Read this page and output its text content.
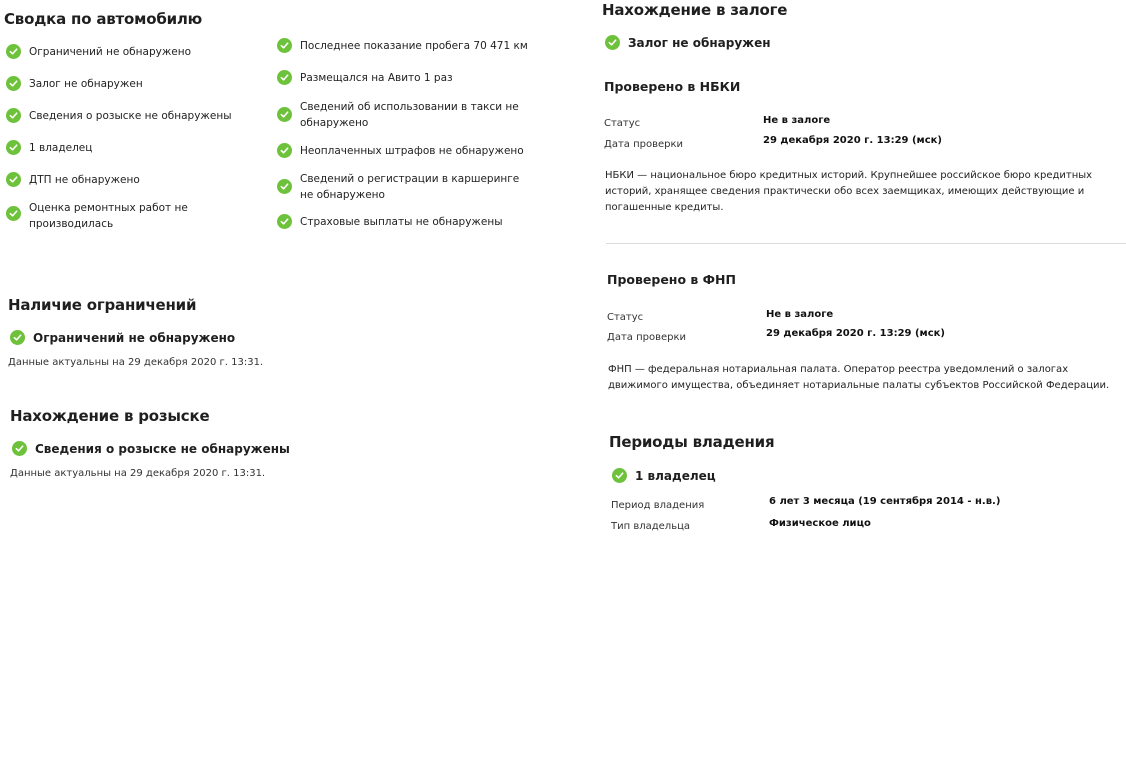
Сводка по автомобилю
Ограничений не обнаружено
Залог не обнаружен
Сведения о розыске не обнаружены
1 владелец
ДТП не обнаружено
Оценка ремонтных работ не производилась
Последнее показание пробега 70 471 км
Размещался на Авито 1 раз
Сведений об использовании в такси не обнаружено
Неоплаченных штрафов не обнаружено
Сведений о регистрации в каршеринге не обнаружено
Страховые выплаты не обнаружены
Наличие ограничений
Ограничений не обнаружено
Данные актуальны на 29 декабря 2020 г. 13:31.
Нахождение в розыске
Сведения о розыске не обнаружены
Данные актуальны на 29 декабря 2020 г. 13:31.
Нахождение в залоге
Залог не обнаружен
Проверено в НБКИ
Статус	Не в залоге
Дата проверки	29 декабря 2020 г. 13:29 (мск)
НБКИ — национальное бюро кредитных историй. Крупнейшее российское бюро кредитных историй, хранящее сведения практически обо всех заемщиках, имеющих действующие и погашенные кредиты.
Проверено в ФНП
Статус	Не в залоге
Дата проверки	29 декабря 2020 г. 13:29 (мск)
ФНП — федеральная нотариальная палата. Оператор реестра уведомлений о залогах движимого имущества, объединяет нотариальные палаты субъектов Российской Федерации.
Периоды владения
1 владелец
Период владения	6 лет 3 месяца (19 сентября 2014 - н.в.)
Тип владельца	Физическое лицо
